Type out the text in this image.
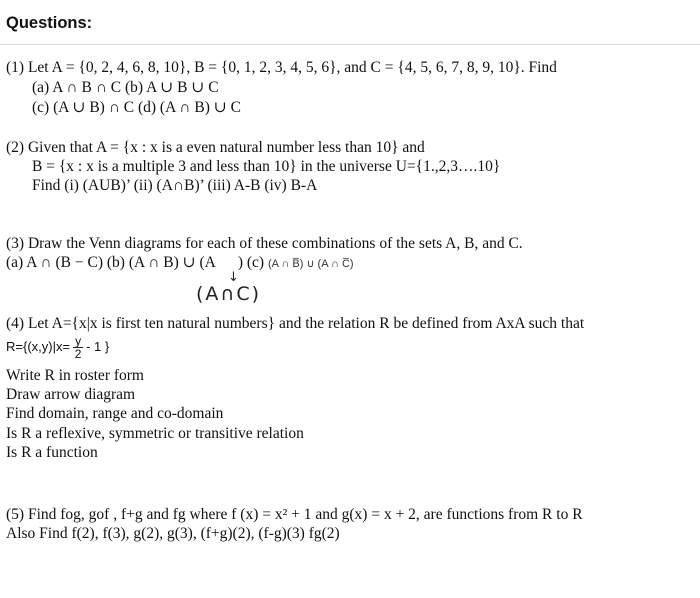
Questions:
(1) Let A = {0, 2, 4, 6, 8, 10}, B = {0, 1, 2, 3, 4, 5, 6}, and C = {4, 5, 6, 7, 8, 9, 10}. Find
(a) A ∩ B ∩ C (b) A ∪ B ∪ C
(c) (A ∪ B) ∩ C (d) (A ∩ B) ∪ C
(2) Given that A = {x : x is a even natural number less than 10} and
B = {x : x is a multiple 3 and less than 10} in the universe U={1.,2,3….10}
Find (i) (AUB)’ (ii) (A∩B)’ (iii) A-B (iv) B-A
(3) Draw the Venn diagrams for each of these combinations of the sets A, B, and C.
(a) A ∩ (B − C) (b) (A ∩ B) ∪ (A ) (c) (A ∩ B̅) ∪ (A ∩ C̅)
↓
(A∩C)
(4) Let A={x|x is first ten natural numbers} and the relation R be defined from AxA such that
$R=\{(x,y)|x= \frac{y}{2} - 1$ }
Write R in roster form
Draw arrow diagram
Find domain, range and co-domain
Is R a reflexive, symmetric or transitive relation
Is R a function
(5) Find fog, gof , f+g and fg where f (x) = x² + 1 and g(x) = x + 2, are functions from R to R
Also Find f(2), f(3), g(2), g(3), (f+g)(2), (f-g)(3) fg(2)
